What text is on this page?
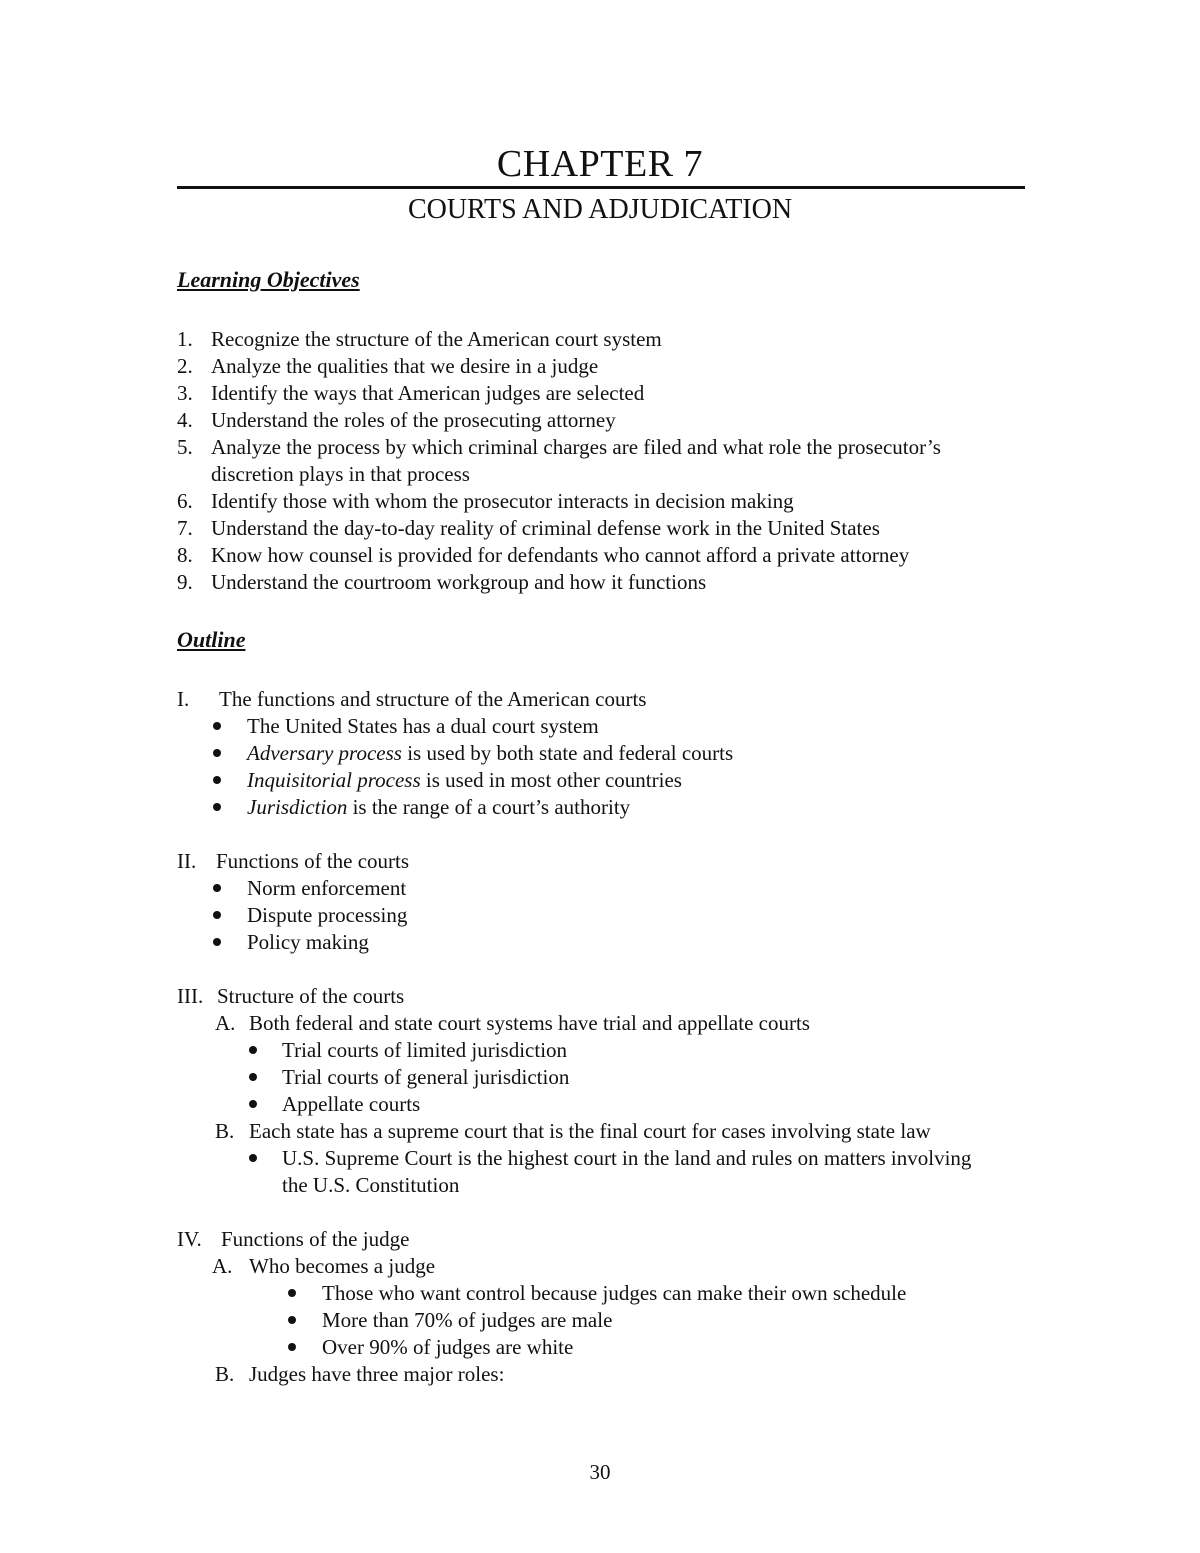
CHAPTER 7
COURTS AND ADJUDICATION
Learning Objectives
1. Recognize the structure of the American court system
2. Analyze the qualities that we desire in a judge
3. Identify the ways that American judges are selected
4. Understand the roles of the prosecuting attorney
5. Analyze the process by which criminal charges are filed and what role the prosecutor’s discretion plays in that process
6. Identify those with whom the prosecutor interacts in decision making
7. Understand the day-to-day reality of criminal defense work in the United States
8. Know how counsel is provided for defendants who cannot afford a private attorney
9. Understand the courtroom workgroup and how it functions
Outline
I. The functions and structure of the American courts
The United States has a dual court system
Adversary process is used by both state and federal courts
Inquisitorial process is used in most other countries
Jurisdiction is the range of a court’s authority
II. Functions of the courts
Norm enforcement
Dispute processing
Policy making
III. Structure of the courts
A. Both federal and state court systems have trial and appellate courts
Trial courts of limited jurisdiction
Trial courts of general jurisdiction
Appellate courts
B. Each state has a supreme court that is the final court for cases involving state law
U.S. Supreme Court is the highest court in the land and rules on matters involving the U.S. Constitution
IV. Functions of the judge
A. Who becomes a judge
Those who want control because judges can make their own schedule
More than 70% of judges are male
Over 90% of judges are white
B. Judges have three major roles:
30
